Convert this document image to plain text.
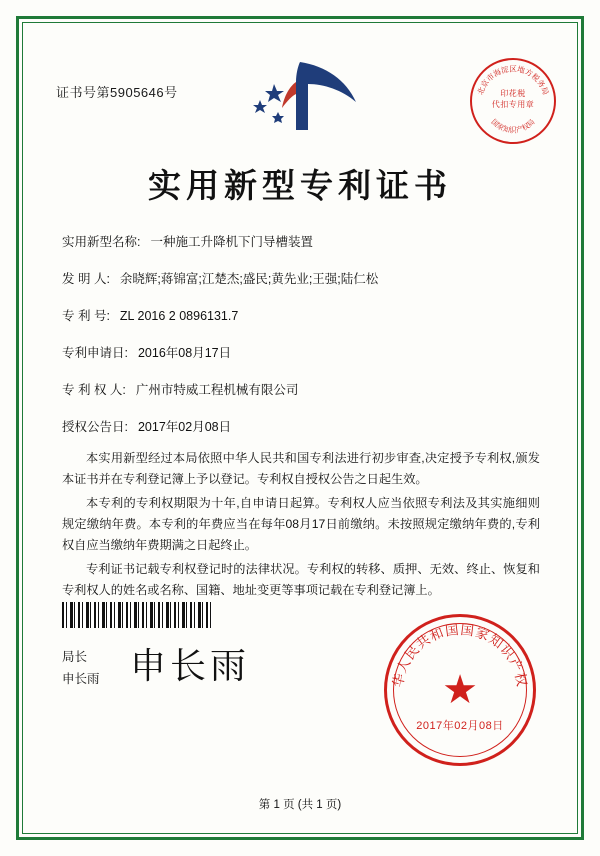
证书号第5905646号	北京市海淀区地方税务局
国家知识产权局
印花税
代扣专用章
实用新型专利证书
实用新型名称: 一种施工升降机下门导槽装置
发 明 人: 余晓辉;蒋锦富;江楚杰;盛民;黄先业;王强;陆仁松
专 利 号: ZL 2016 2 0896131.7
专利申请日: 2016年08月17日
专 利 权 人: 广州市特威工程机械有限公司
授权公告日: 2017年02月08日

本实用新型经过本局依照中华人民共和国专利法进行初步审查,决定授予专利权,颁发本证书并在专利登记簿上予以登记。专利权自授权公告之日起生效。

本专利的专利权期限为十年,自申请日起算。专利权人应当依照专利法及其实施细则规定缴纳年费。本专利的年费应当在每年08月17日前缴纳。未按照规定缴纳年费的,专利权自应当缴纳年费期满之日起终止。

专利证书记载专利权登记时的法律状况。专利权的转移、质押、无效、终止、恢复和专利权人的姓名或名称、国籍、地址变更等事项记载在专利登记簿上。

局长
申长雨 申长雨
中华人民共和国国家知识产权局
★
2017年02月08日
第 1 页 (共 1 页)
